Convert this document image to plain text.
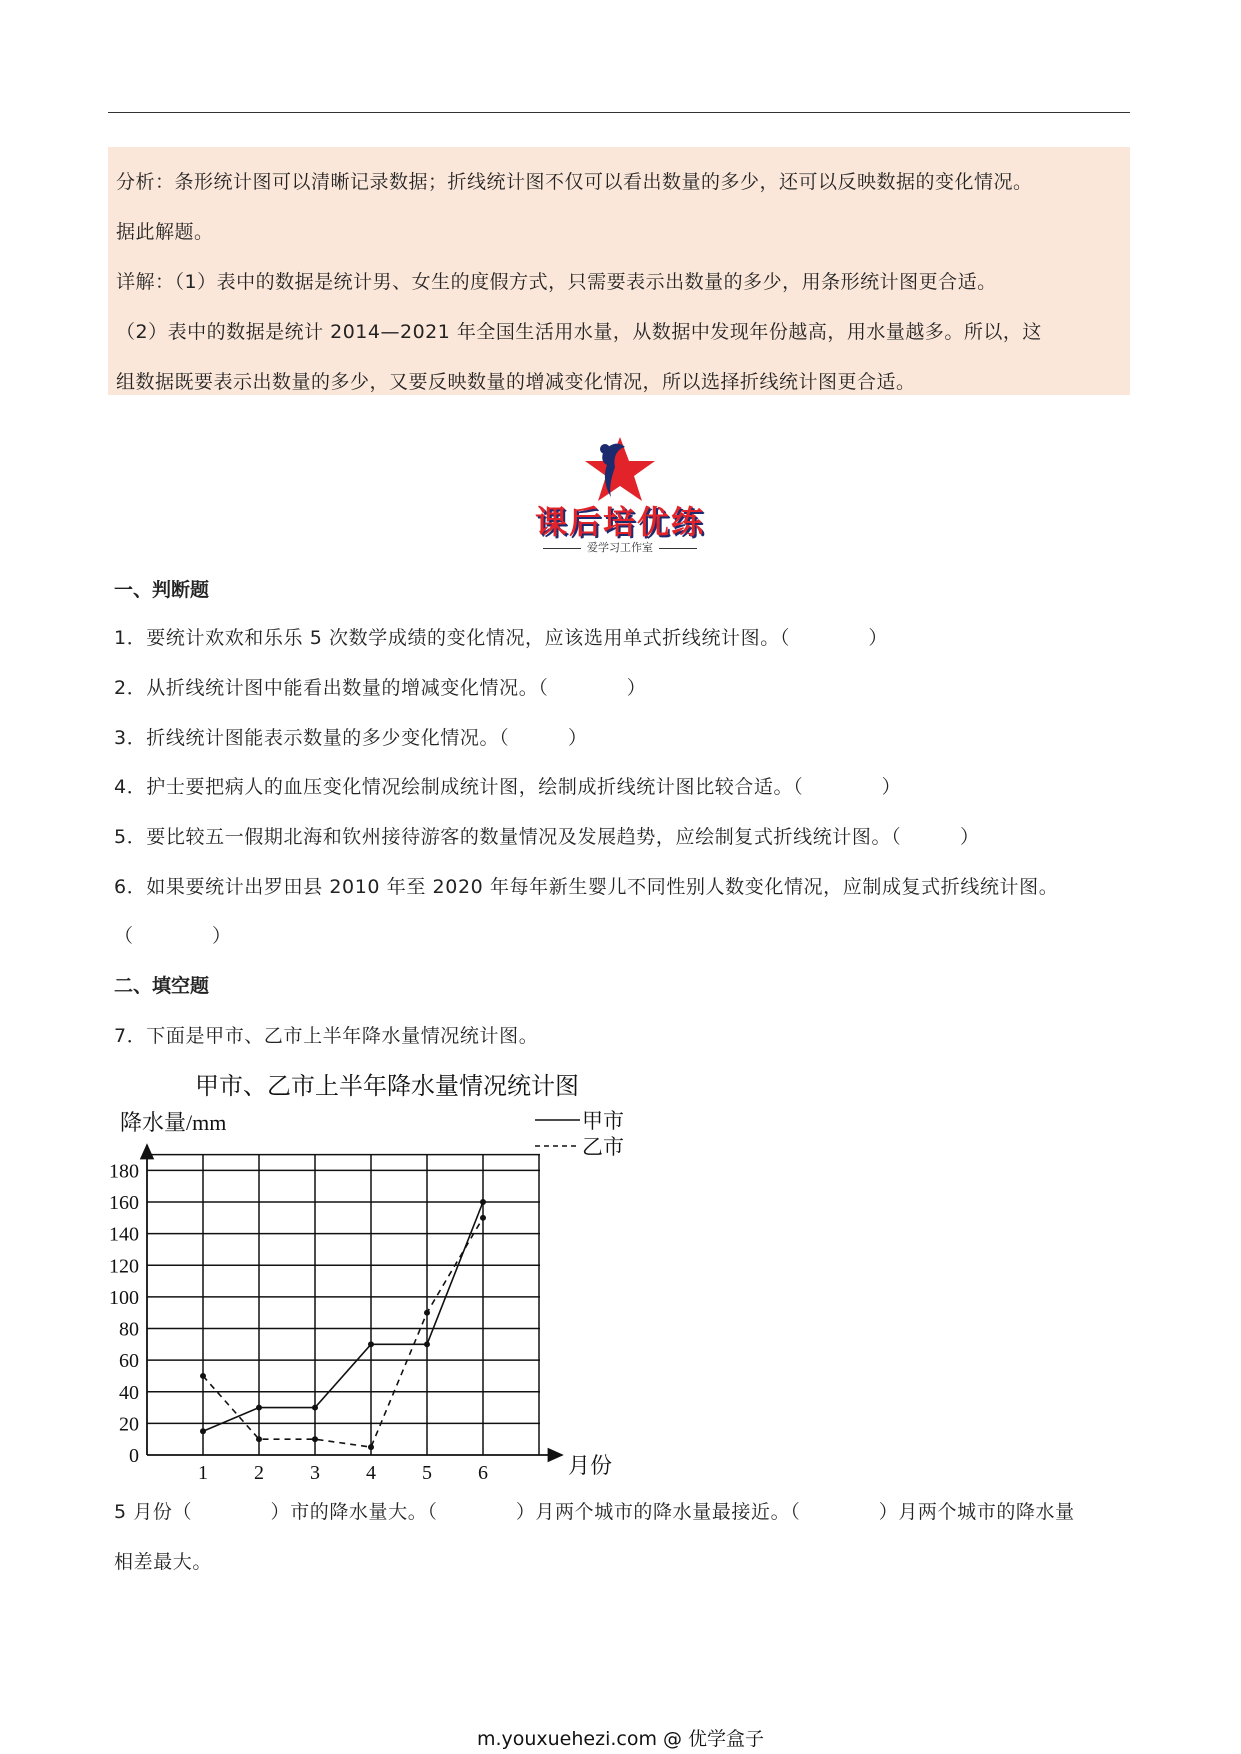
分析：条形统计图可以清晰记录数据；折线统计图不仅可以看出数量的多少，还可以反映数据的变化情况。

据此解题。

详解：（1）表中的数据是统计男、女生的度假方式，只需要表示出数量的多少，用条形统计图更合适。

（2）表中的数据是统计 2014—2021 年全国生活用水量，从数据中发现年份越高，用水量越多。所以，这

组数据既要表示出数量的多少，又要反映数量的增减变化情况，所以选择折线统计图更合适。

课后培优练
爱学习工作室
一、判断题
1．要统计欢欢和乐乐 5 次数学成绩的变化情况，应该选用单式折线统计图。（　　　　）
2．从折线统计图中能看出数量的增减变化情况。（　　　　）
3．折线统计图能表示数量的多少变化情况。（　　　）
4．护士要把病人的血压变化情况绘制成统计图，绘制成折线统计图比较合适。（　　　　）
5．要比较五一假期北海和钦州接待游客的数量情况及发展趋势，应绘制复式折线统计图。（　　　）
6．如果要统计出罗田县 2010 年至 2020 年每年新生婴儿不同性别人数变化情况，应制成复式折线统计图。
（　　　　）
二、填空题
7．下面是甲市、乙市上半年降水量情况统计图。
甲市、乙市上半年降水量情况统计图
降水量/mm	甲市
乙市
0
20
40
60
80
100
120
140
160
180
1 2 3 4 5 6	月份
5 月份（　　　　）市的降水量大。（　　　　）月两个城市的降水量最接近。（　　　　）月两个城市的降水量
相差最大。
m.youxuehezi.com @ 优学盒子
